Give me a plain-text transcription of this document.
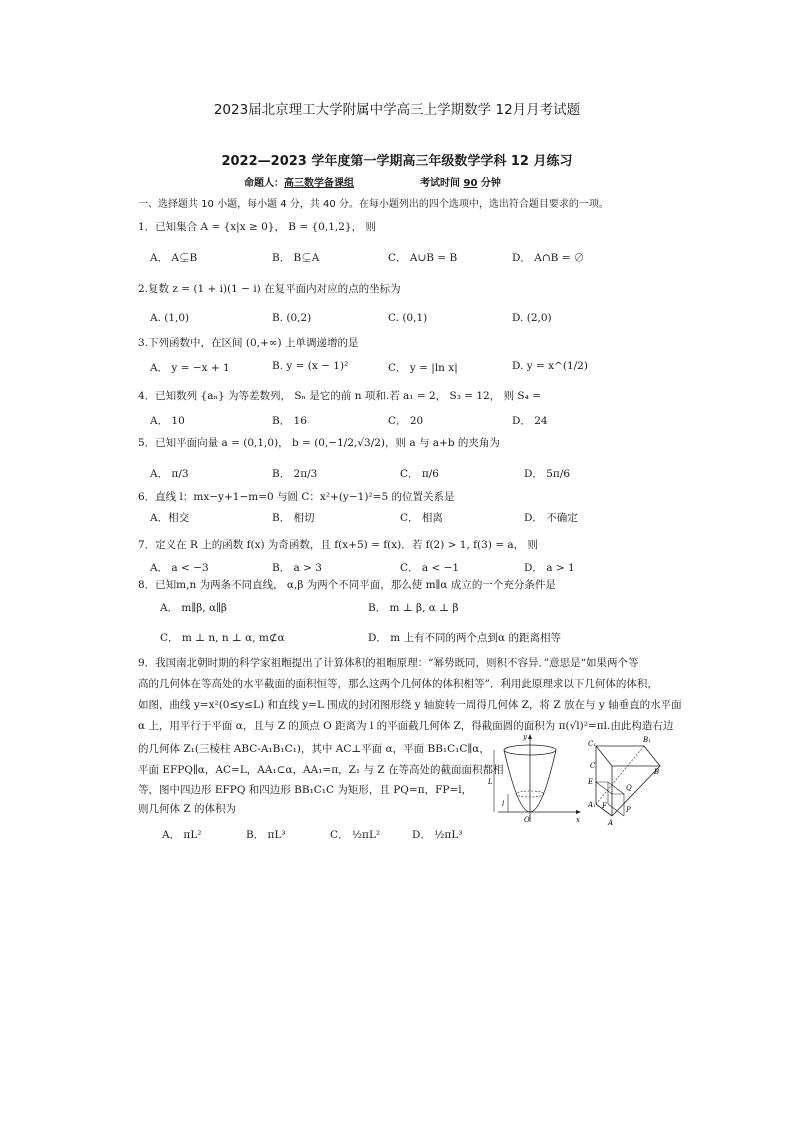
2023届北京理工大学附属中学高三上学期数学 12月月考试题
2022—2023 学年度第一学期高三年级数学学科 12 月练习
命题人：高三数学备课组	考试时间 90 分钟
一、选择题共 10 小题，每小题 4 分，共 40 分。在每小题列出的四个选项中，选出符合题目要求的一项。
1．已知集合 A = {x|x ≥ 0}， B = {0,1,2}， 则
A． A⊊B	B． B⊊A	C． A∪B = B	D． A∩B = ∅
2.复数 z = (1 + i)(1 − i) 在复平面内对应的点的坐标为
A. (1,0)	B. (0,2)	C. (0,1)	D. (2,0)
3.下列函数中，在区间 (0,+∞) 上单调递增的是
A． y = −x + 1	B. y = (x − 1)²	C． y = |ln x|	D. y = x^(1/2)
4．已知数列 {aₙ} 为等差数列， Sₙ 是它的前 n 项和.若 a₁ = 2， S₃ = 12， 则 S₄ =
A． 10	B． 16	C． 20	D． 24
5．已知平面向量 a = (0,1,0)， b = (0,−1/2,√3/2)，则 a 与 a+b 的夹角为
A． π/3	B． 2π/3	C． π/6	D． 5π/6
6．直线 l：mx−y+1−m=0 与圆 C：x²+(y−1)²=5 的位置关系是
A．相交	B． 相切	C． 相离	D． 不确定
7．定义在 R 上的函数 f(x) 为奇函数，且 f(x+5) = f(x)．若 f(2) > 1, f(3) = a， 则
A． a < −3	B． a > 3	C． a < −1	D． a > 1
8．已知m,n 为两条不同直线， α,β 为两个不同平面，那么使 m∥α 成立的一个充分条件是
A． m∥β, α∥β	B． m ⊥ β, α ⊥ β
C． m ⊥ n, n ⊥ α, m⊄α	D． m 上有不同的两个点到α 的距离相等
9．我国南北朝时期的科学家祖暅提出了计算体积的祖暅原理：“幂势既同，则积不容异．”意思是“如果两个等
高的几何体在等高处的水平截面的面积恒等，那么这两个几何体的体积相等”．利用此原理求以下几何体的体积，
如图，曲线 y=x²(0≤y≤L) 和直线 y=L 围成的封闭图形绕 y 轴旋转一周得几何体 Z，将 Z 放在与 y 轴垂直的水平面
α 上，用平行于平面 α，且与 Z 的顶点 O 距离为 l 的平面截几何体 Z，得截面圆的面积为 π(√l)²=πl.由此构造右边
的几何体 Z₁(三棱柱 ABC-A₁B₁C₁)，其中 AC⊥平面 α，平面 BB₁C₁C∥α，
平面 EFPQ∥α，AC=L，AA₁⊂α，AA₁=π，Z₁ 与 Z 在等高处的截面面积都相
等，图中四边形 EFPQ 和四边形 BB₁C₁C 为矩形，且 PQ=π，FP=l，
则几何体 Z 的体积为
A． πL²	B． πL³	C． ½πL²	D． ½πL³
y
L
l
O	x
C₁	B₁
B
E
Q
A₁ F	P
C
A
